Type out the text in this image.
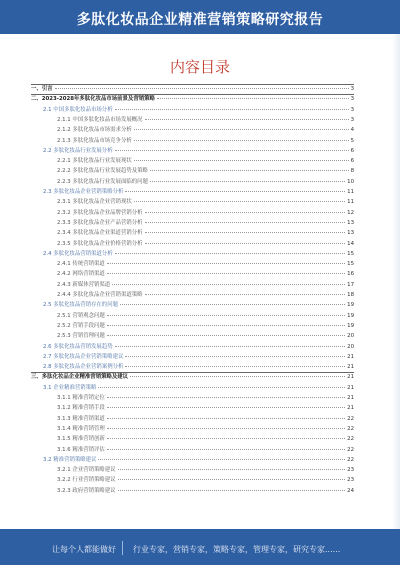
多肽化妆品企业精准营销策略研究报告
内容目录
一、引言	3
二、2023-2028年多肽化妆品市场前景及营销策略	3
2.1 中国多肽化妆品市场分析	3
2.1.1 中国多肽化妆品市场发展概况	3
2.1.2 多肽化妆品市场需求分析	4
2.1.3 多肽化妆品市场竞争分析	5
2.2 多肽化妆品行业发展分析	6
2.2.1 多肽化妆品行业发展现状	6
2.2.2 多肽化妆品行业发展趋势及策略	8
2.2.3 多肽化妆品行业发展面临的问题	10
2.3 多肽化妆品企业营销策略分析	11
2.3.1 多肽化妆品企业营销现状	11
2.3.2 多肽化妆品企业品牌营销分析	12
2.3.3 多肽化妆品企业产品营销分析	13
2.3.4 多肽化妆品企业渠道营销分析	13
2.3.5 多肽化妆品企业价格营销分析	14
2.4 多肽化妆品营销渠道分析	15
2.4.1 传统营销渠道	15
2.4.2 网络营销渠道	16
2.4.3 新媒体营销渠道	17
2.4.4 多肽化妆品企业营销渠道策略	18
2.5 多肽化妆品营销存在的问题	19
2.5.1 营销观念问题	19
2.5.2 营销手段问题	19
2.5.3 营销管理问题	20
2.6 多肽化妆品营销发展趋势	20
2.7 多肽化妆品企业营销策略建议	21
2.8 多肽化妆品企业营销案例分析	21
三、多肽化妆品企业精准营销策略及建议	21
3.1 企业精准营销策略	21
3.1.1 精准营销定位	21
3.1.2 精准营销手段	21
3.1.3 精准营销渠道	22
3.1.4 精准营销管理	22
3.1.5 精准营销创新	22
3.1.6 精准营销评估	22
3.2 精准营销策略建议	22
3.2.1 企业营销策略建议	23
3.2.2 行业营销策略建议	23
3.2.3 政府营销策略建议	24
让每个人都能做好 行业专家，营销专家，策略专家，管理专家，研究专家......
